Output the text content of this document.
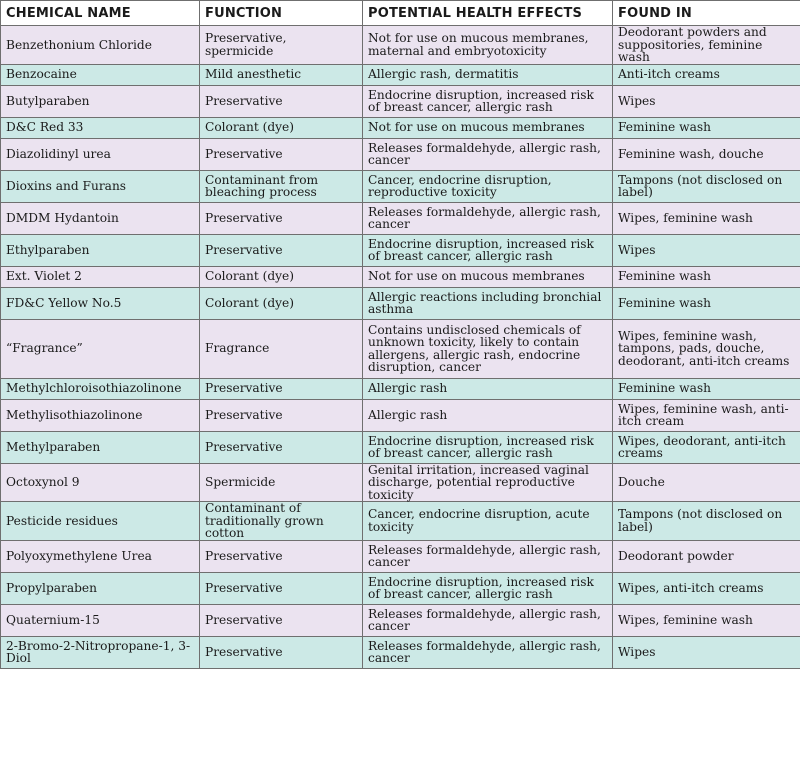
CHEMICAL NAME	FUNCTION	POTENTIAL HEALTH EFFECTS	FOUND IN
Benzethonium Chloride	Preservative, spermicide	Not for use on mucous membranes, maternal and embryotoxicity	Deodorant powders and suppositories, feminine wash
Benzocaine	Mild anesthetic	Allergic rash, dermatitis	Anti-itch creams
Butylparaben	Preservative	Endocrine disruption, increased risk of breast cancer, allergic rash	Wipes
D&C Red 33	Colorant (dye)	Not for use on mucous membranes	Feminine wash
Diazolidinyl urea	Preservative	Releases formaldehyde, allergic rash, cancer	Feminine wash, douche
Dioxins and Furans	Contaminant from bleaching process	Cancer, endocrine disruption, reproductive toxicity	Tampons (not disclosed on label)
DMDM Hydantoin	Preservative	Releases formaldehyde, allergic rash, cancer	Wipes, feminine wash
Ethylparaben	Preservative	Endocrine disruption, increased risk of breast cancer, allergic rash	Wipes
Ext. Violet 2	Colorant (dye)	Not for use on mucous membranes	Feminine wash
FD&C Yellow No.5	Colorant (dye)	Allergic reactions including bronchial asthma	Feminine wash
“Fragrance”	Fragrance	Contains undisclosed chemicals of unknown toxicity, likely to contain allergens, allergic rash, endocrine disruption, cancer	Wipes, feminine wash, tampons, pads, douche, deodorant, anti-itch creams
Methylchloroisothiazolinone	Preservative	Allergic rash	Feminine wash
Methylisothiazolinone	Preservative	Allergic rash	Wipes, feminine wash, anti-itch cream
Methylparaben	Preservative	Endocrine disruption, increased risk of breast cancer, allergic rash	Wipes, deodorant, anti-itch creams
Octoxynol 9	Spermicide	Genital irritation, increased vaginal discharge, potential reproductive toxicity	Douche
Pesticide residues	Contaminant of traditionally grown cotton	Cancer, endocrine disruption, acute toxicity	Tampons (not disclosed on label)
Polyoxymethylene Urea	Preservative	Releases formaldehyde, allergic rash, cancer	Deodorant powder
Propylparaben	Preservative	Endocrine disruption, increased risk of breast cancer, allergic rash	Wipes, anti-itch creams
Quaternium-15	Preservative	Releases formaldehyde, allergic rash, cancer	Wipes, feminine wash
2-Bromo-2-Nitropropane-1, 3-Diol	Preservative	Releases formaldehyde, allergic rash, cancer	Wipes
